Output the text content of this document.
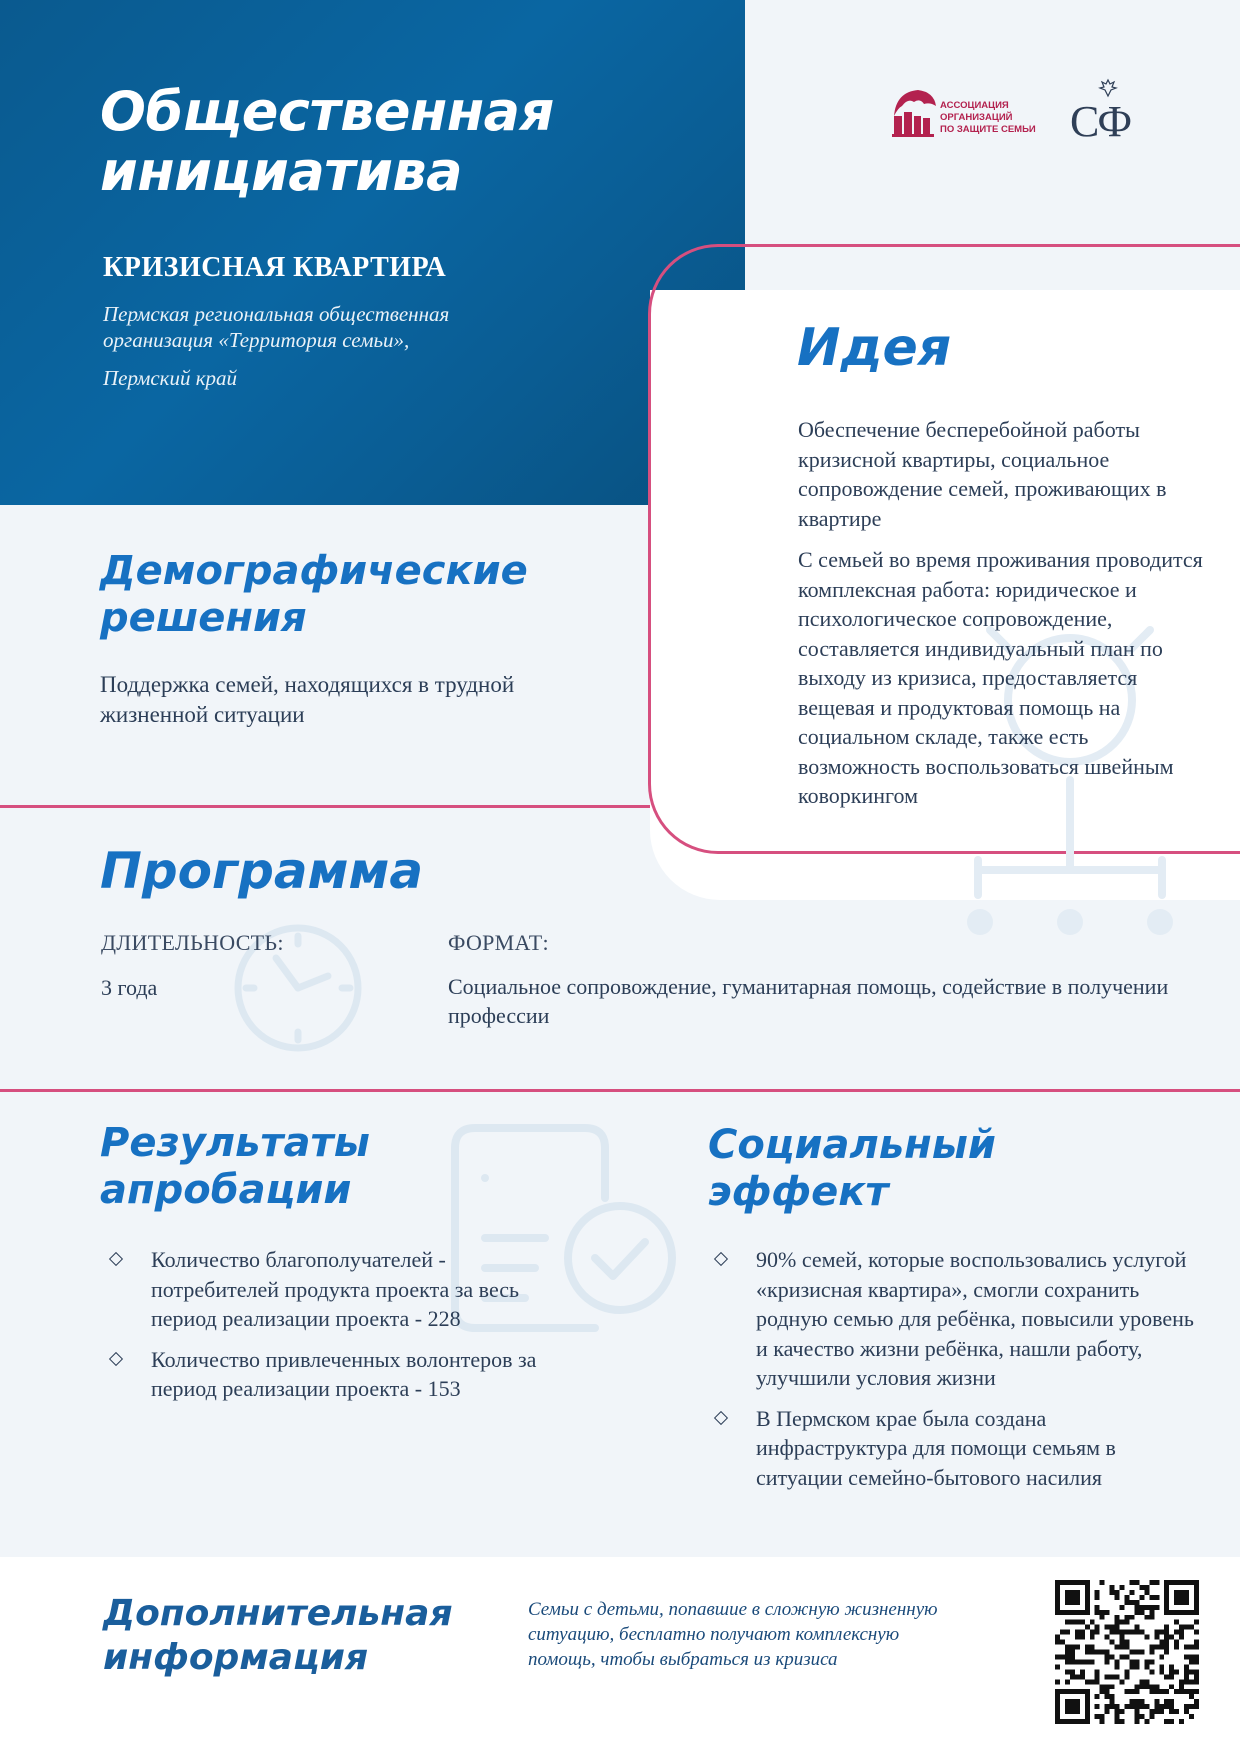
Общественная
инициатива
КРИЗИСНАЯ КВАРТИРА
Пермская региональная общественная организация «Территория семьи»,
Пермский край
АССОЦИАЦИЯ
ОРГАНИЗАЦИЙ
ПО ЗАЩИТЕ СЕМЬИ СФ
Идея
Обеспечение бесперебойной работы кризисной квартиры, социальное сопровождение семей, проживающих в квартире
С семьей во время проживания проводится комплексная работа: юридическое и психологическое сопровождение, составляется индивидуальный план по выходу из кризиса, предоставляется вещевая и продуктовая помощь на социальном складе, также есть возможность воспользоваться швейным коворкингом
Демографические решения
Поддержка семей, находящихся в трудной жизненной ситуации
Программа
ДЛИТЕЛЬНОСТЬ:
3 года
ФОРМАТ:
Социальное сопровождение, гуманитарная помощь, содействие в получении профессии
Результаты апробации
Количество благополучателей - потребителей продукта проекта за весь период реализации проекта - 228
Количество привлеченных волонтеров за период реализации проекта - 153
Социальный эффект
90% семей, которые воспользовались услугой «кризисная квартира», смогли сохранить родную семью для ребёнка, повысили уровень и качество жизни ребёнка, нашли работу, улучшили условия жизни
В Пермском крае была создана инфраструктура для помощи семьям в ситуации семейно-бытового насилия
Дополнительная информация
Семьи с детьми, попавшие в сложную жизненную ситуацию, бесплатно получают комплексную помощь, чтобы выбраться из кризиса
